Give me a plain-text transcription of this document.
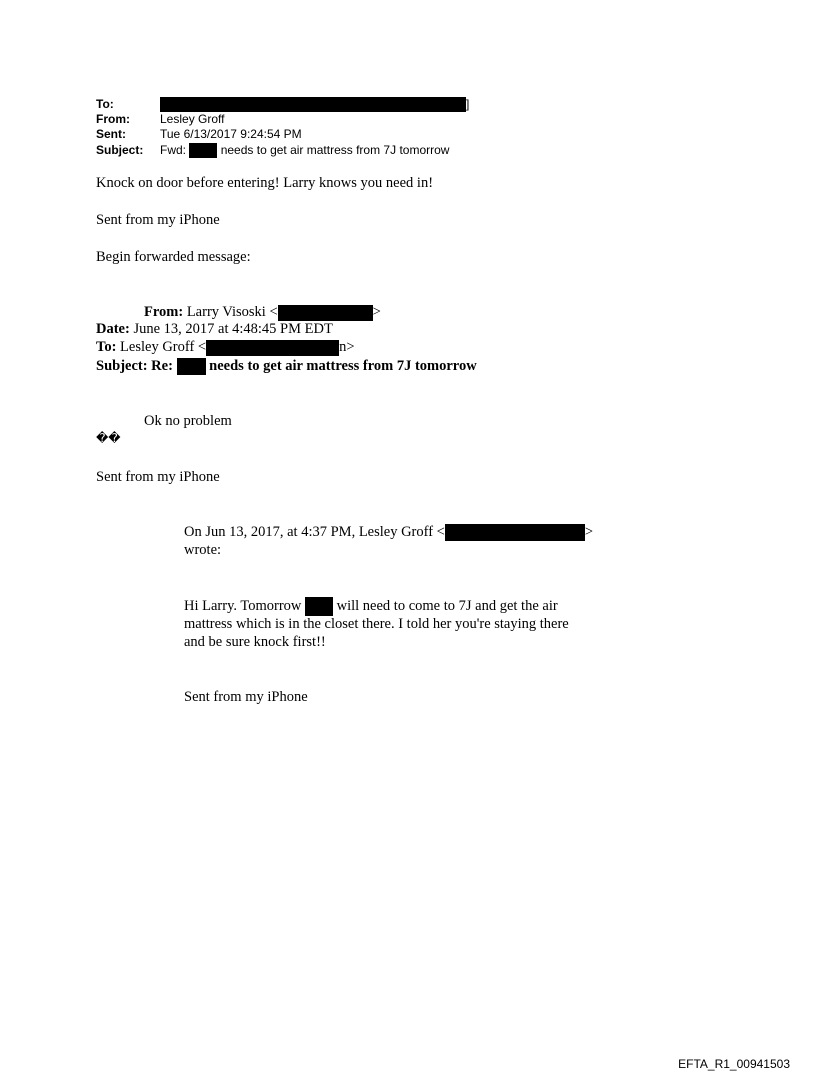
To:	]
From:	Lesley Groff
Sent:	Tue 6/13/2017 9:24:54 PM
Subject: Fwd:	needs to get air mattress from 7J tomorrow
Knock on door before entering! Larry knows you need in!
Sent from my iPhone
Begin forwarded message:
From: Larry Visoski <	>
Date: June 13, 2017 at 4:48:45 PM EDT
To: Lesley Groff <	n>
Subject: Re:	needs to get air mattress from 7J tomorrow
Ok no problem
��
Sent from my iPhone
On Jun 13, 2017, at 4:37 PM, Lesley Groff <	>
wrote:
Hi Larry. Tomorrow will need to come to 7J and get the air
mattress which is in the closet there. I told her you're staying there
and be sure knock first!!
Sent from my iPhone
EFTA_R1_00941503
